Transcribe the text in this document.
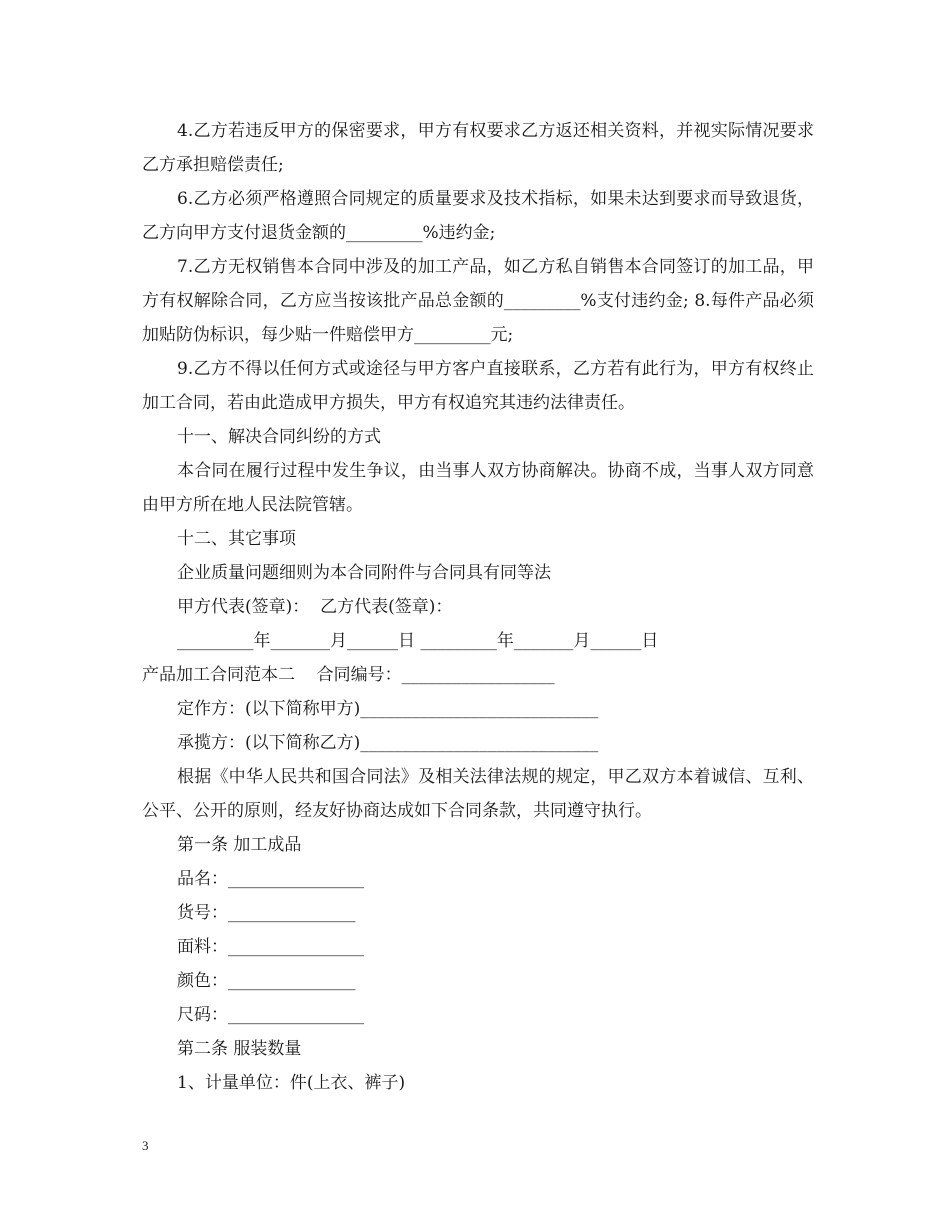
4.乙方若违反甲方的保密要求，甲方有权要求乙方返还相关资料，并视实际情况要求乙方承担赔偿责任;

6.乙方必须严格遵照合同规定的质量要求及技术指标，如果未达到要求而导致退货，乙方向甲方支付退货金额的_________%违约金;

7.乙方无权销售本合同中涉及的加工产品，如乙方私自销售本合同签订的加工品，甲方有权解除合同，乙方应当按该批产品总金额的_________%支付违约金; 8.每件产品必须加贴防伪标识，每少贴一件赔偿甲方_________元;

9.乙方不得以任何方式或途径与甲方客户直接联系，乙方若有此行为，甲方有权终止加工合同，若由此造成甲方损失，甲方有权追究其违约法律责任。

十一、解决合同纠纷的方式

本合同在履行过程中发生争议，由当事人双方协商解决。协商不成，当事人双方同意由甲方所在地人民法院管辖。

十二、其它事项

企业质量问题细则为本合同附件与合同具有同等法

甲方代表(签章)：  乙方代表(签章)：

_________年_______月______日 _________年_______月______日

产品加工合同范本二    合同编号：__________________

定作方：(以下简称甲方)____________________________

承揽方：(以下简称乙方)____________________________

根据《中华人民共和国合同法》及相关法律法规的规定，甲乙双方本着诚信、互利、公平、公开的原则，经友好协商达成如下合同条款，共同遵守执行。

第一条 加工成品

品名：________________

货号：_______________

面料：________________

颜色：_______________

尺码：________________

第二条 服装数量

1、计量单位：件(上衣、裤子)

3
